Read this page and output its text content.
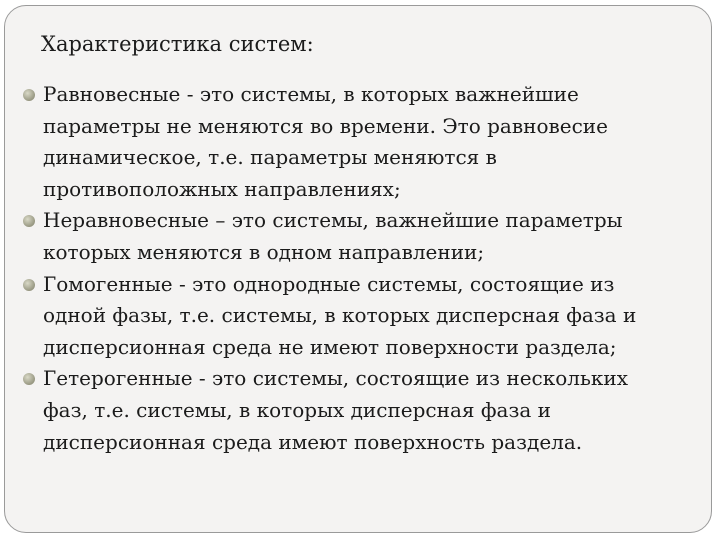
Характеристика систем:
Равновесные - это системы, в которых важнейшие
параметры не меняются во времени. Это равновесие
динамическое, т.е. параметры меняются в
противоположных направлениях;
Неравновесные – это системы, важнейшие параметры
которых меняются в одном направлении;
Гомогенные - это однородные системы, состоящие из
одной фазы, т.е. системы, в которых дисперсная фаза и
дисперсионная среда не имеют поверхности раздела;
Гетерогенные - это системы, состоящие из нескольких
фаз, т.е. системы, в которых дисперсная фаза и
дисперсионная среда имеют поверхность раздела.
